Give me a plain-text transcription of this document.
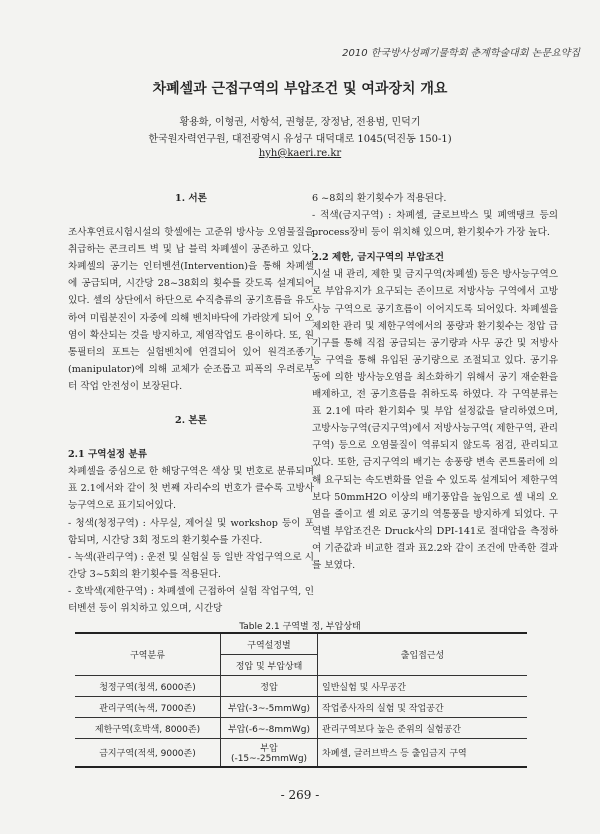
2010 한국방사성폐기물학회 춘계학술대회 논문요약집
차폐셀과 근접구역의 부압조건 및 여과장치 개요
황용화, 이형권, 서항석, 권형문, 장정남, 전용범, 민덕기
한국원자력연구원, 대전광역시 유성구 대덕대로 1045(덕진동 150-1)
hyh@kaeri.re.kr

1. 서론

조사후연료시험시설의 핫셀에는 고준위 방사능 오염물질을 취급하는 콘크리트 벽 및 납 블럭 차폐셀이 공존하고 있다. 차폐셀의 공기는 인터벤션(Intervention)을 통해 차폐셀에 공급되며, 시간당 28~38회의 횟수를 갖도록 설계되어 있다. 셀의 상단에서 하단으로 수직층류의 공기흐름을 유도하여 미립분진이 자중에 의해 벤치바닥에 가라앉게 되어 오염이 확산되는 것을 방지하고, 제염작업도 용이하다. 또, 원통필터의 포트는 실험벤치에 연결되어 있어 원격조종기(manipulator)에 의해 교체가 순조롭고 피폭의 우려로부터 작업 안전성이 보장된다.

2. 본론

2.1 구역설정 분류

차폐셀을 중심으로 한 해당구역은 색상 및 번호로 분류되며 표 2.1에서와 같이 첫 번째 자리수의 번호가 클수록 고방사능구역으로 표기되어있다.

- 청색(청정구역) : 사무실, 제어실 및 workshop 등이 포함되며, 시간당 3회 정도의 환기횟수를 가진다.

- 녹색(관리구역) : 운전 및 실험실 등 일반 작업구역으로 시간당 3~5회의 환기횟수를 적용된다.

- 호박색(제한구역) : 차폐셀에 근접하여 실험 작업구역, 인터벤션 등이 위치하고 있으며, 시간당

6 ~8회의 환기횟수가 적용된다.

- 적색(금지구역) : 차폐셀, 글로브박스 및 폐액탱크 등의 process장비 등이 위치해 있으며, 환기횟수가 가장 높다.

2.2 제한, 금지구역의 부압조건

시설 내 관리, 제한 및 금지구역(차폐셀) 등은 방사능구역으로 부압유지가 요구되는 존이므로 저방사능 구역에서 고방사능 구역으로 공기흐름이 이어지도록 되어있다. 차폐셀을 제외한 관리 및 제한구역에서의 풍량과 환기횟수는 정압 급기구를 통해 직접 공급되는 공기량과 사무 공간 및 저방사능 구역을 통해 유입된 공기량으로 조절되고 있다. 공기유동에 의한 방사능오염을 최소화하기 위해서 공기 재순환을 배제하고, 전 공기흐름을 취하도록 하였다. 각 구역분류는 표 2.1에 따라 환기회수 및 부압 설정값을 달리하였으며, 고방사능구역(금지구역)에서 저방사능구역( 제한구역, 관리구역) 등으로 오염물질이 역류되지 않도록 점검, 관리되고 있다. 또한, 금지구역의 배기는 송풍량 변속 콘트롤러에 의해 요구되는 속도변화를 얻을 수 있도록 설계되어 제한구역 보다 50mmH2O 이상의 배기풍압을 높임으로 셀 내의 오염을 줄이고 셀 외로 공기의 역통풍을 방지하게 되었다. 구역별 부압조건은 Druck사의 DPI-141로 절대압을 측정하여 기준값과 비교한 결과 표2.2와 같이 조건에 만족한 결과를 보였다.

Table 2.1 구역별 정, 부압상태
구역분류	구역설정별	출입접근성
	정압 및 부압상태	
청정구역(청색, 6000존)	정압	일반실험 및 사무공간
관리구역(녹색, 7000존)	부압(-3~-5mmWg)	작업종사자의 실험 및 작업공간
제한구역(호박색, 8000존)	부압(-6~-8mmWg)	관리구역보다 높은 준위의 실험공간
금지구역(적색, 9000존)	부압(-15~-25mmWg)	차폐셀, 글러브박스 등 출입금지 구역
- 269 -
